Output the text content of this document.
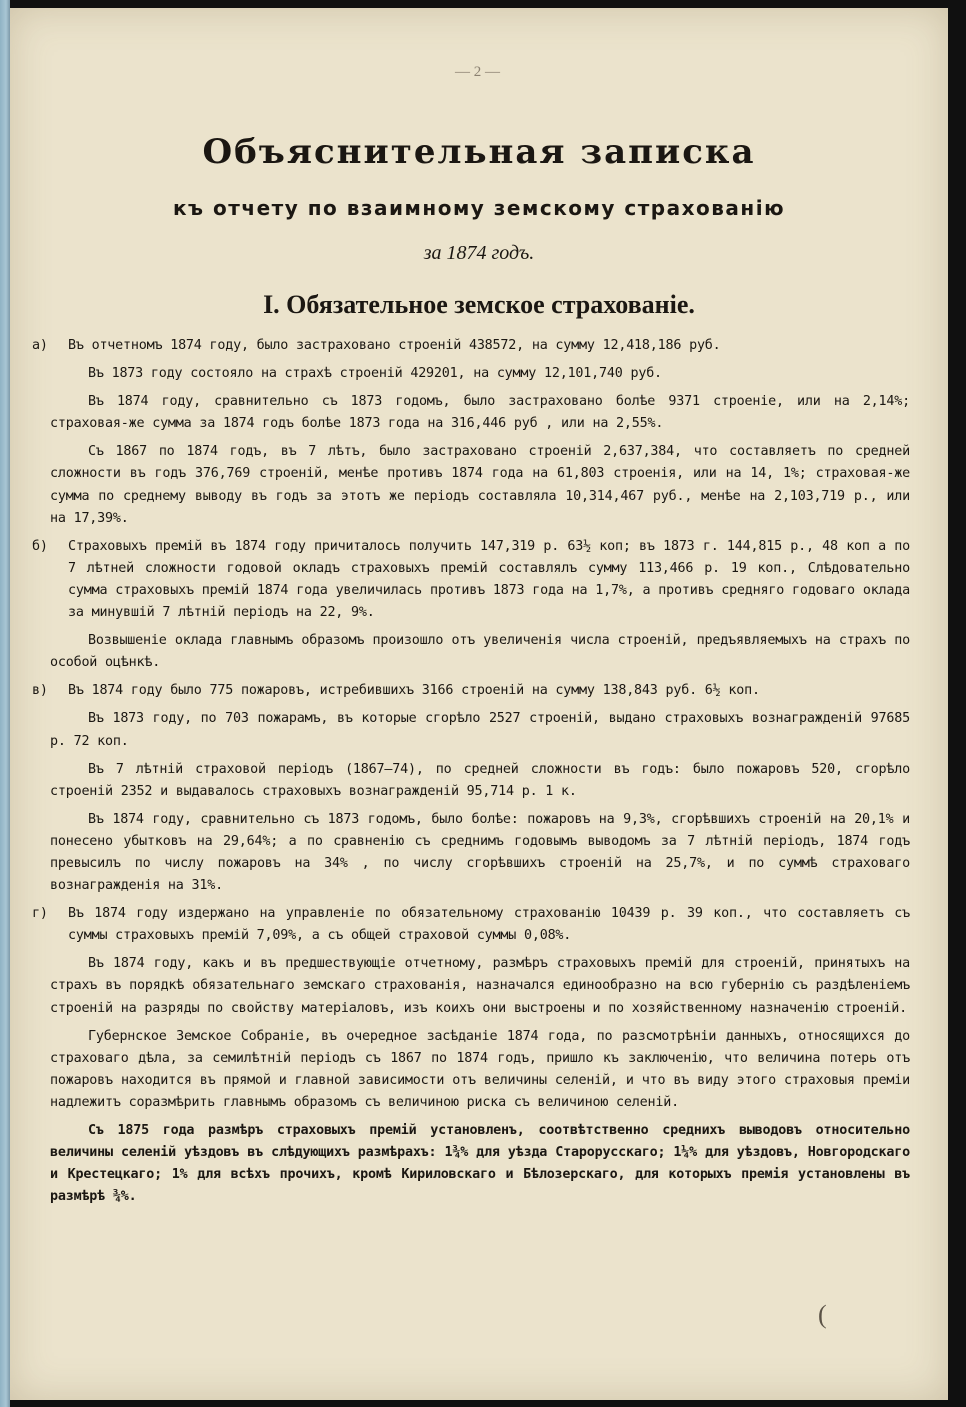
— 2 —
Объяснительная записка
къ отчету по взаимному земскому страхованію

за 1874 годъ.

I. Обязательное земское страхованіе.

а) Въ отчетномъ 1874 году, было застраховано строеній 438572, на сумму 12,418,186 руб.

Въ 1873 году состояло на страхѣ строеній 429201, на сумму 12,101,740 руб.

Въ 1874 году, сравнительно съ 1873 годомъ, было застраховано болѣе 9371 строеніе, или на 2,14%; страховая-же сумма за 1874 годъ болѣе 1873 года на 316,446 руб , или на 2,55%.

Съ 1867 по 1874 годъ, въ 7 лѣтъ, было застраховано строеній 2,637,384, что составляетъ по средней сложности въ годъ 376,769 строеній, менѣе противъ 1874 года на 61,803 строенія, или на 14, 1%; страховая-же сумма по среднему выводу въ годъ за этотъ же періодъ составляла 10,314,467 руб., менѣе на 2,103,719 р., или на 17,39%.

б) Страховыхъ премій въ 1874 году причиталось получить 147,319 р. 63½ коп; въ 1873 г. 144,815 р., 48 коп а по 7 лѣтней сложности годовой окладъ страховыхъ премій составлялъ сумму 113,466 р. 19 коп., Слѣдовательно сумма страховыхъ премій 1874 года увеличилась противъ 1873 года на 1,7%, а противъ средняго годоваго оклада за минувшій 7 лѣтній періодъ на 22, 9%.

Возвышеніе оклада главнымъ образомъ произошло отъ увеличенія числа строеній, предъявляемыхъ на страхъ по особой оцѣнкѣ.

в) Въ 1874 году было 775 пожаровъ, истребившихъ 3166 строеній на сумму 138,843 руб. 6½ коп.

Въ 1873 году, по 703 пожарамъ, въ которые сгорѣло 2527 строеній, выдано страховыхъ вознагражденій 97685 р. 72 коп.

Въ 7 лѣтній страховой періодъ (1867—74), по средней сложности въ годъ: было пожаровъ 520, сгорѣло строеній 2352 и выдавалось страховыхъ вознагражденій 95,714 р. 1 к.

Въ 1874 году, сравнительно съ 1873 годомъ, было болѣе: пожаровъ на 9,3%, сгорѣвшихъ строеній на 20,1% и понесено убытковъ на 29,64%; а по сравненію съ среднимъ годовымъ выводомъ за 7 лѣтній періодъ, 1874 годъ превысилъ по числу пожаровъ на 34% , по числу сгорѣвшихъ строеній на 25,7%, и по суммѣ страховаго вознагражденія на 31%.

г) Въ 1874 году издержано на управленіе по обязательному страхованію 10439 р. 39 коп., что составляетъ съ суммы страховыхъ премій 7,09%, а съ общей страховой суммы 0,08%.

Въ 1874 году, какъ и въ предшествующіе отчетному, размѣръ страховыхъ премій для строеній, принятыхъ на страхъ въ порядкѣ обязательнаго земскаго страхованія, назначался единообразно на всю губернію съ раздѣленіемъ строеній на разряды по свойству матеріаловъ, изъ коихъ они выстроены и по хозяйственному назначенію строеній.

Губернское Земское Собраніе, въ очередное засѣданіе 1874 года, по разсмотрѣніи данныхъ, относящихся до страховаго дѣла, за семилѣтній періодъ съ 1867 по 1874 годъ, пришло къ заключенію, что величина потерь отъ пожаровъ находится въ прямой и главной зависимости отъ величины селеній, и что въ виду этого страховыя преміи надлежитъ соразмѣрить главнымъ образомъ съ величиною риска съ величиною селеній.

Съ 1875 года размѣръ страховыхъ премій установленъ, соотвѣтственно среднихъ выводовъ относительно величины селеній уѣздовъ въ слѣдующихъ размѣрахъ: 1¾% для уѣзда Старорусскаго; 1¼% для уѣздовъ, Новгородскаго и Крестецкаго; 1% для всѣхъ прочихъ, кромѣ Кириловскаго и Бѣлозерскаго, для которыхъ премія установлены въ размѣрѣ ¾%.

(
